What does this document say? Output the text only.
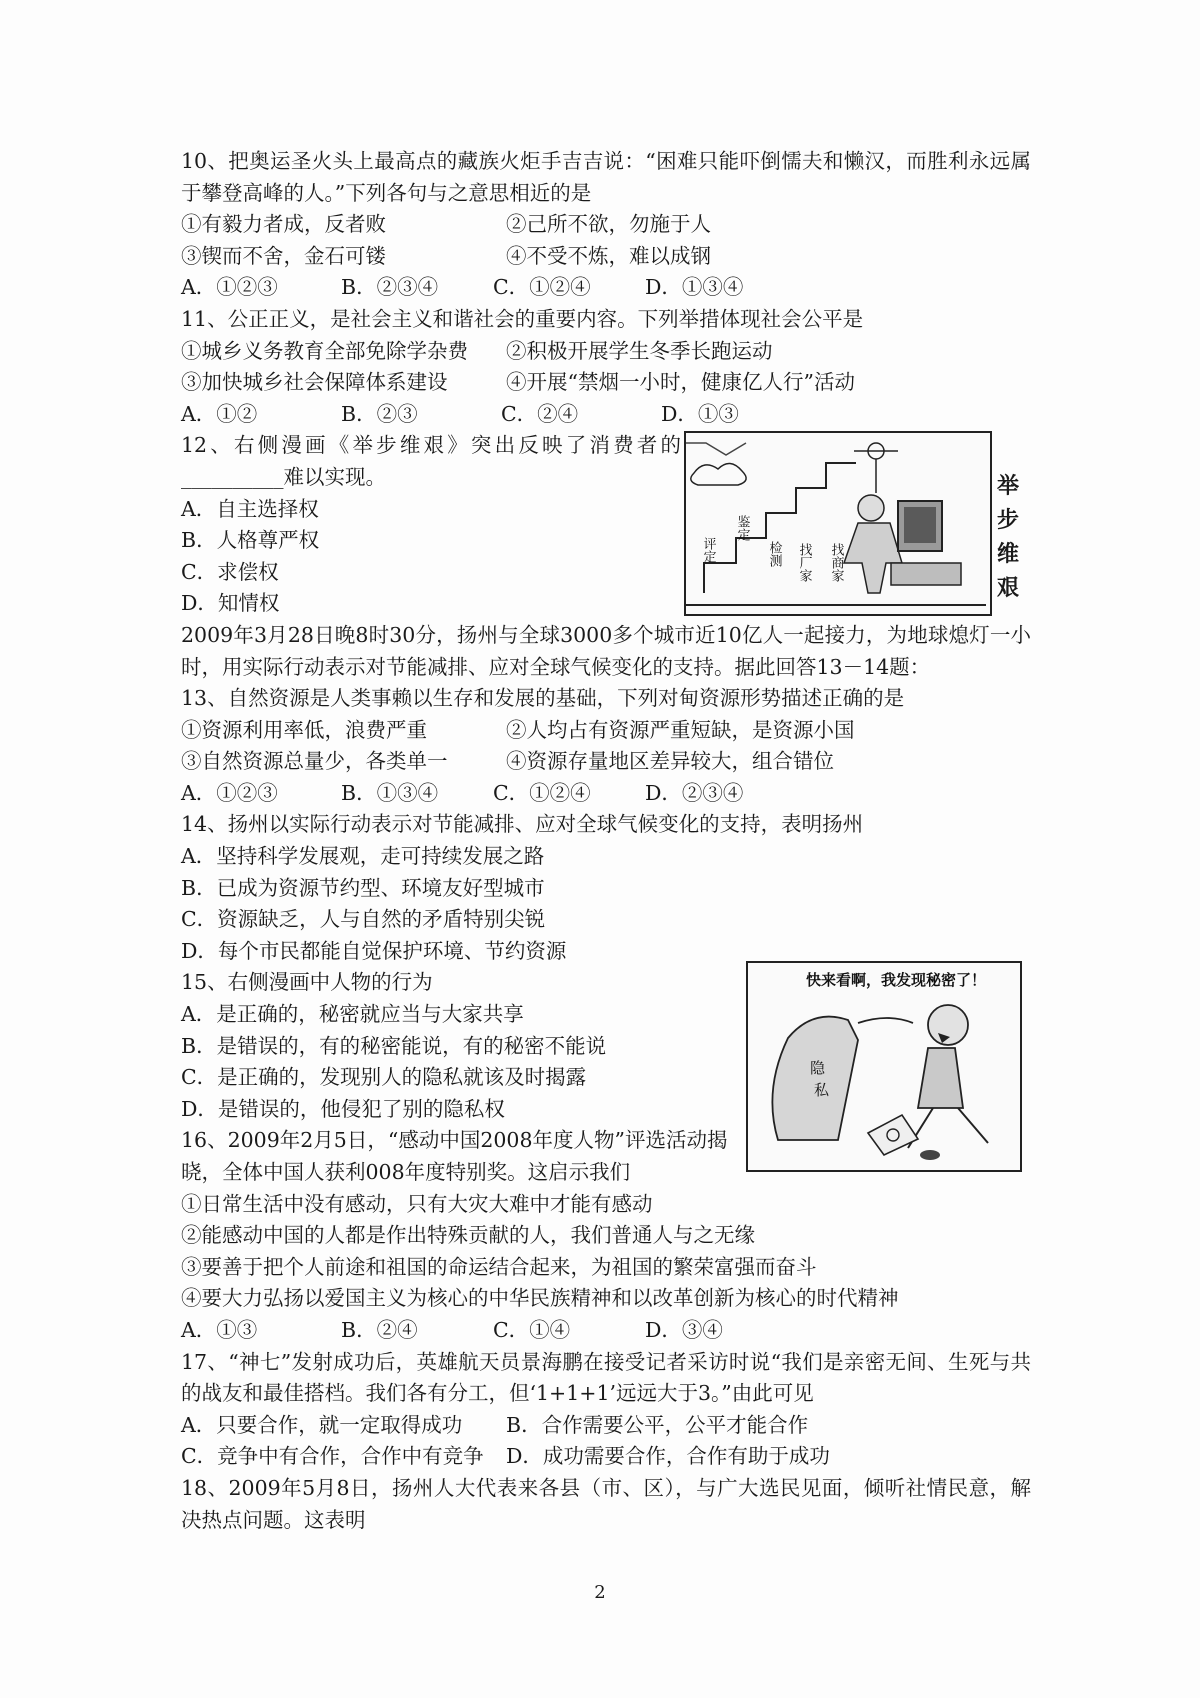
10、把奥运圣火头上最高点的藏族火炬手吉吉说：“困难只能吓倒懦夫和懒汉，而胜利永远属于攀登高峰的人。”下列各句与之意思相近的是

①有毅力者成，反者败	②己所不欲，勿施于人

③锲而不舍，金石可镂	④不受不炼，难以成钢

A．①②③	B．②③④	C．①②④	D．①③④

11、公正正义，是社会主义和谐社会的重要内容。下列举措体现社会公平是

①城乡义务教育全部免除学杂费 ②积极开展学生冬季长跑运动

③加快城乡社会保障体系建设	④开展“禁烟一小时，健康亿人行”活动

A．①②	B．②③	C．②④	D．①③

12、右侧漫画《举步维艰》突出反映了消费者的__________难以实现。

A．自主选择权

B．人格尊严权

C．求偿权

D．知情权

2009年3月28日晚8时30分，扬州与全球3000多个城市近10亿人一起接力，为地球熄灯一小时，用实际行动表示对节能减排、应对全球气候变化的支持。据此回答13－14题：

13、自然资源是人类事赖以生存和发展的基础，下列对甸资源形势描述正确的是

①资源利用率低，浪费严重	②人均占有资源严重短缺，是资源小国

③自然资源总量少，各类单一	④资源存量地区差异较大，组合错位

A．①②③	B．①③④	C．①②④	D．②③④

14、扬州以实际行动表示对节能减排、应对全球气候变化的支持，表明扬州

A．坚持科学发展观，走可持续发展之路

B．已成为资源节约型、环境友好型城市

C．资源缺乏，人与自然的矛盾特别尖锐

D．每个市民都能自觉保护环境、节约资源

15、右侧漫画中人物的行为

A．是正确的，秘密就应当与大家共享

B．是错误的，有的秘密能说，有的秘密不能说

C．是正确的，发现别人的隐私就该及时揭露

D．是错误的，他侵犯了别的隐私权

16、2009年2月5日，“感动中国2008年度人物”评选活动揭

晓，全体中国人获利008年度特别奖。这启示我们

①日常生活中没有感动，只有大灾大难中才能有感动

②能感动中国的人都是作出特殊贡献的人，我们普通人与之无缘

③要善于把个人前途和祖国的命运结合起来，为祖国的繁荣富强而奋斗

④要大力弘扬以爱国主义为核心的中华民族精神和以改革创新为核心的时代精神

A．①③	B．②④	C．①④	D．③④

17、“神七”发射成功后，英雄航天员景海鹏在接受记者采访时说“我们是亲密无间、生死与共的战友和最佳搭档。我们各有分工，但‘1+1+1’远远大于3。”由此可见

A．只要合作，就一定取得成功 B．合作需要公平，公平才能合作

C．竞争中有合作，合作中有竞争 D．成功需要合作，合作有助于成功

18、2009年5月8日，扬州人大代表来各县（市、区），与广大选民见面，倾听社情民意，解决热点问题。这表明

评定
鉴定
检测 找厂家 找商家
举
步
维
艰
快来看啊，我发现秘密了！
隐
私
2
